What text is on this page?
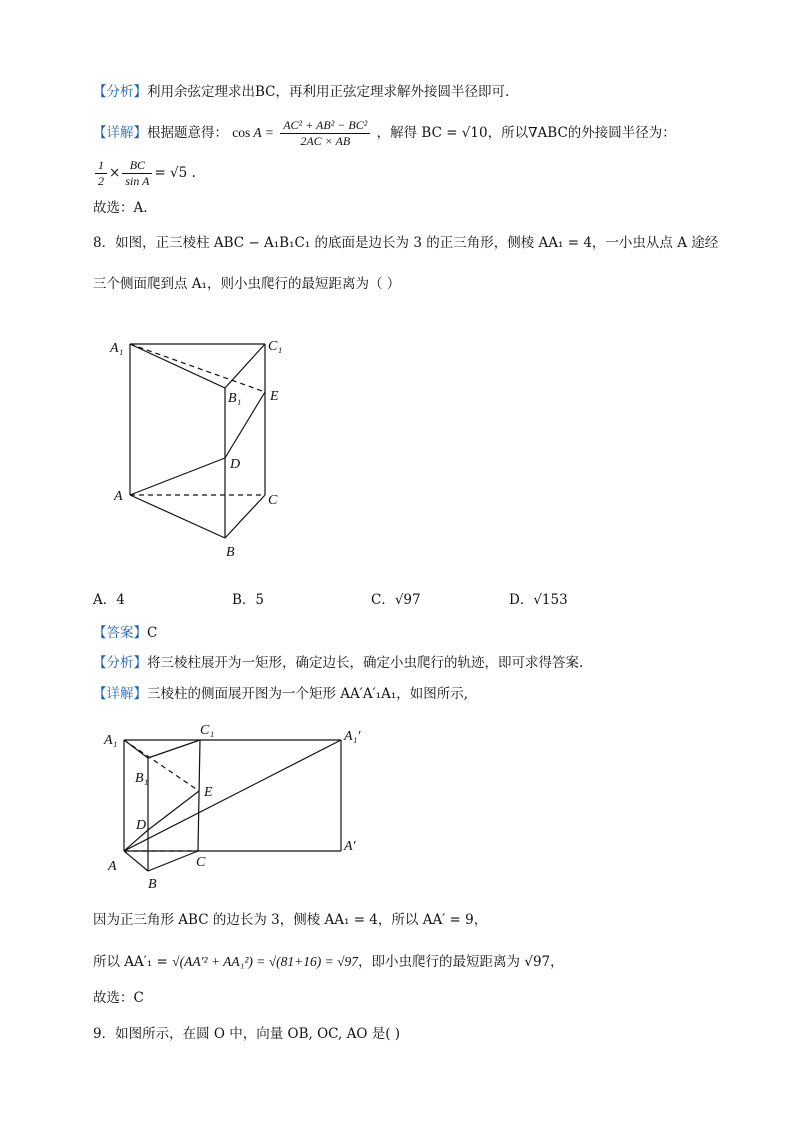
【分析】利用余弦定理求出BC，再利用正弦定理求解外接圆半径即可.
【详解】根据题意得： $\cos A = \frac{\text{AC² + AB² − BC²}}{2AC \times AB}$ ，解得 BC = √10，所以∇ABC的外接圆半径为：
$\frac{1}{2} \times \frac{BC}{\text{sin A}} = √5$ .
故选：A.
8．如图，正三棱柱 ABC − A₁B₁C₁ 的底面是边长为 3 的正三角形，侧棱 AA₁ = 4，一小虫从点 A 途经
三个侧面爬到点 A₁，则小虫爬行的最短距离为（ ）
A₁	C₁
B₁ E
D
A	C
B
A．4	B．5	C．√97	D．√153
【答案】C
【分析】将三棱柱展开为一矩形，确定边长，确定小虫爬行的轨迹，即可求得答案.
【详解】三棱柱的侧面展开图为一个矩形 AA′A′₁A₁，如图所示,
A₁
C₁	A₁′
B₁
E
D
A	C
A′
B
因为正三角形 ABC 的边长为 3，侧棱 AA₁ = 4，所以 AA′ = 9，
所以 AA′₁ = √(AA′² + AA₁²) = √(81+16) = √97，即小虫爬行的最短距离为 √97，
故选：C
9．如图所示，在圆 O 中，向量 OB, OC, AO 是( )
